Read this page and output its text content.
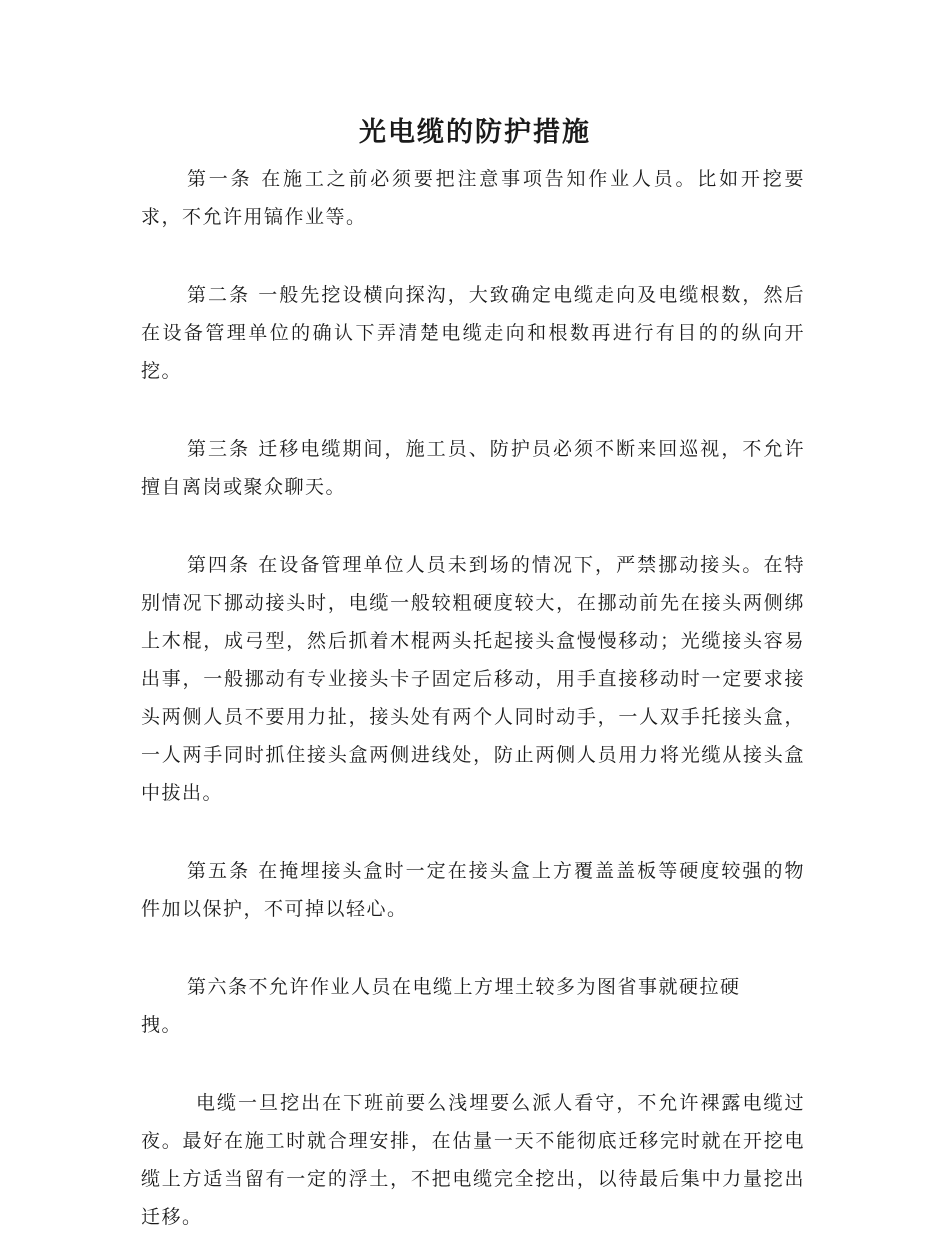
光电缆的防护措施

第一条 在施工之前必须要把注意事项告知作业人员。比如开挖要求，不允许用镐作业等。

第二条 一般先挖设横向探沟，大致确定电缆走向及电缆根数，然后在设备管理单位的确认下弄清楚电缆走向和根数再进行有目的的纵向开挖。

第三条 迁移电缆期间，施工员、防护员必须不断来回巡视，不允许擅自离岗或聚众聊天。

第四条 在设备管理单位人员未到场的情况下，严禁挪动接头。在特别情况下挪动接头时，电缆一般较粗硬度较大，在挪动前先在接头两侧绑上木棍，成弓型，然后抓着木棍两头托起接头盒慢慢移动；光缆接头容易出事，一般挪动有专业接头卡子固定后移动，用手直接移动时一定要求接头两侧人员不要用力扯，接头处有两个人同时动手，一人双手托接头盒，一人两手同时抓住接头盒两侧进线处，防止两侧人员用力将光缆从接头盒中拔出。

第五条 在掩埋接头盒时一定在接头盒上方覆盖盖板等硬度较强的物件加以保护，不可掉以轻心。

第六条不允许作业人员在电缆上方埋土较多为图省事就硬拉硬拽。

电缆一旦挖出在下班前要么浅埋要么派人看守，不允许裸露电缆过夜。最好在施工时就合理安排，在估量一天不能彻底迁移完时就在开挖电缆上方适当留有一定的浮土，不把电缆完全挖出，以待最后集中力量挖出迁移。
